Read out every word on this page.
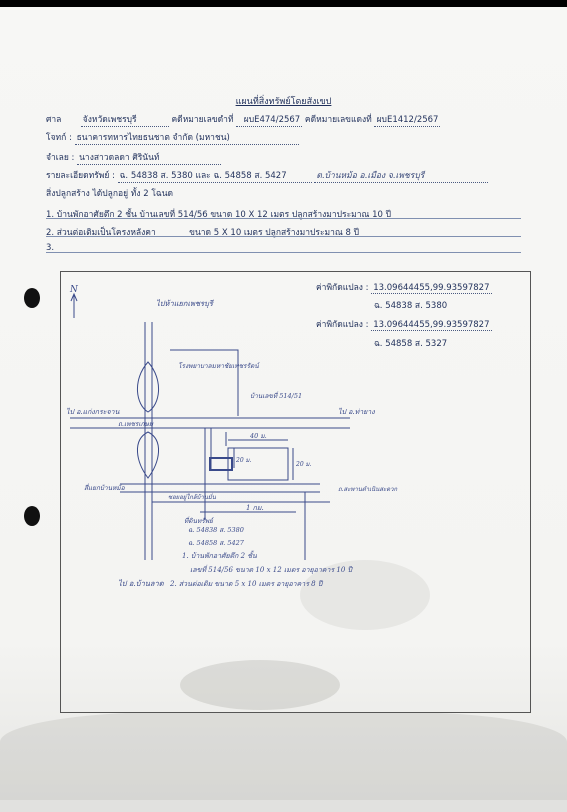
แผนที่สิ่งทรัพย์โดยสังเขป
ศาล	จังหวัดเพชรบุรี	คดีหมายเลขดำที่ ผบE474/2567 คดีหมายเลขแดงที่ ผบE1412/2567
โจทก์ : ธนาคารทหารไทยธนชาต จำกัด (มหาชน)
จำเลย : นางสาวดลดา ศิรินันท์
รายละเอียดทรัพย์ : ฉ. 54838 ส. 5380 และ ฉ. 54858 ส. 5427	ต.บ้านหม้อ อ.เมือง จ.เพชรบุรี
สิ่งปลูกสร้าง ได้ปลูกอยู่ ทั้ง 2 โฉนด
1. บ้านพักอาศัยตึก 2 ชั้น บ้านเลขที่ 514/56 ขนาด 10 X 12 เมตร ปลูกสร้างมาประมาณ 10 ปี
2. ส่วนต่อเติมเป็นโครงหลังคา	ขนาด 5 X 10 เมตร ปลูกสร้างมาประมาณ 8 ปี
3.
ค่าพิกัดแปลง : 13.09644455,99.93597827
ฉ. 54838 ส. 5380
ค่าพิกัดแปลง : 13.09644455,99.93597827
ฉ. 54858 ส. 5327
N
ไปห้าแยกเพชรบุรี
โรงพยาบาลมหาชัยเพชรรัตน์
บ้านเลขที่ 514/51
ไป อ.แก่งกระจาน	ไป อ.ท่ายาง
ถ.เพชรเกษม
40 ม.
20 ม.
20 ม.
สี่แยกบ้านหม้อ
ซอยอยู่ใกล้บ้านมั่น
ถ.สะพานดำเนินสะดวก
1 กม.
ที่ดินทรัพย์
ฉ. 54838 ส. 5380
ฉ. 54858 ส. 5427
1. บ้านพักอาศัยตึก 2 ชั้น
เลขที่ 514/56 ขนาด 10 x 12 เมตร อายุอาคาร 10 ปี
2. ส่วนต่อเติม ขนาด 5 x 10 เมตร อายุอาคาร 8 ปี
ไป อ.บ้านลาด
